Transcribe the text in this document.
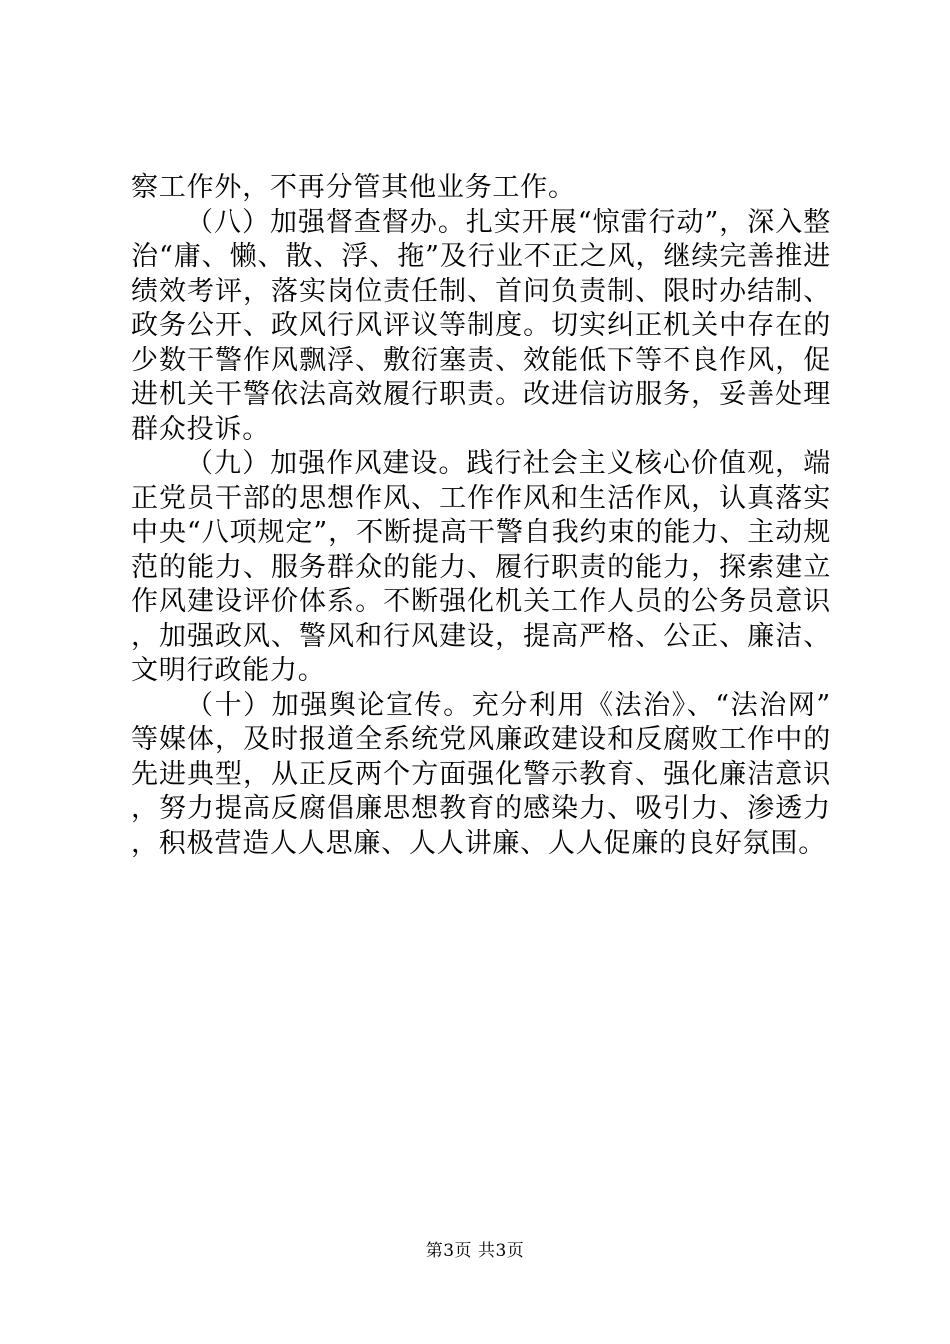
察工作外，不再分管其他业务工作。

（八）加强督查督办。扎实开展“惊雷行动”，深入整治“庸、懒、散、浮、拖”及行业不正之风，继续完善推进绩效考评，落实岗位责任制、首问负责制、限时办结制、政务公开、政风行风评议等制度。切实纠正机关中存在的少数干警作风飘浮、敷衍塞责、效能低下等不良作风，促进机关干警依法高效履行职责。改进信访服务，妥善处理群众投诉。

（九）加强作风建设。践行社会主义核心价值观，端正党员干部的思想作风、工作作风和生活作风，认真落实中央“八项规定”，不断提高干警自我约束的能力、主动规范的能力、服务群众的能力、履行职责的能力，探索建立作风建设评价体系。不断强化机关工作人员的公务员意识，加强政风、警风和行风建设，提高严格、公正、廉洁、文明行政能力。

（十）加强舆论宣传。充分利用《法治》、“法治网”等媒体，及时报道全系统党风廉政建设和反腐败工作中的先进典型，从正反两个方面强化警示教育、强化廉洁意识，努力提高反腐倡廉思想教育的感染力、吸引力、渗透力，积极营造人人思廉、人人讲廉、人人促廉的良好氛围。

第3页 共3页
